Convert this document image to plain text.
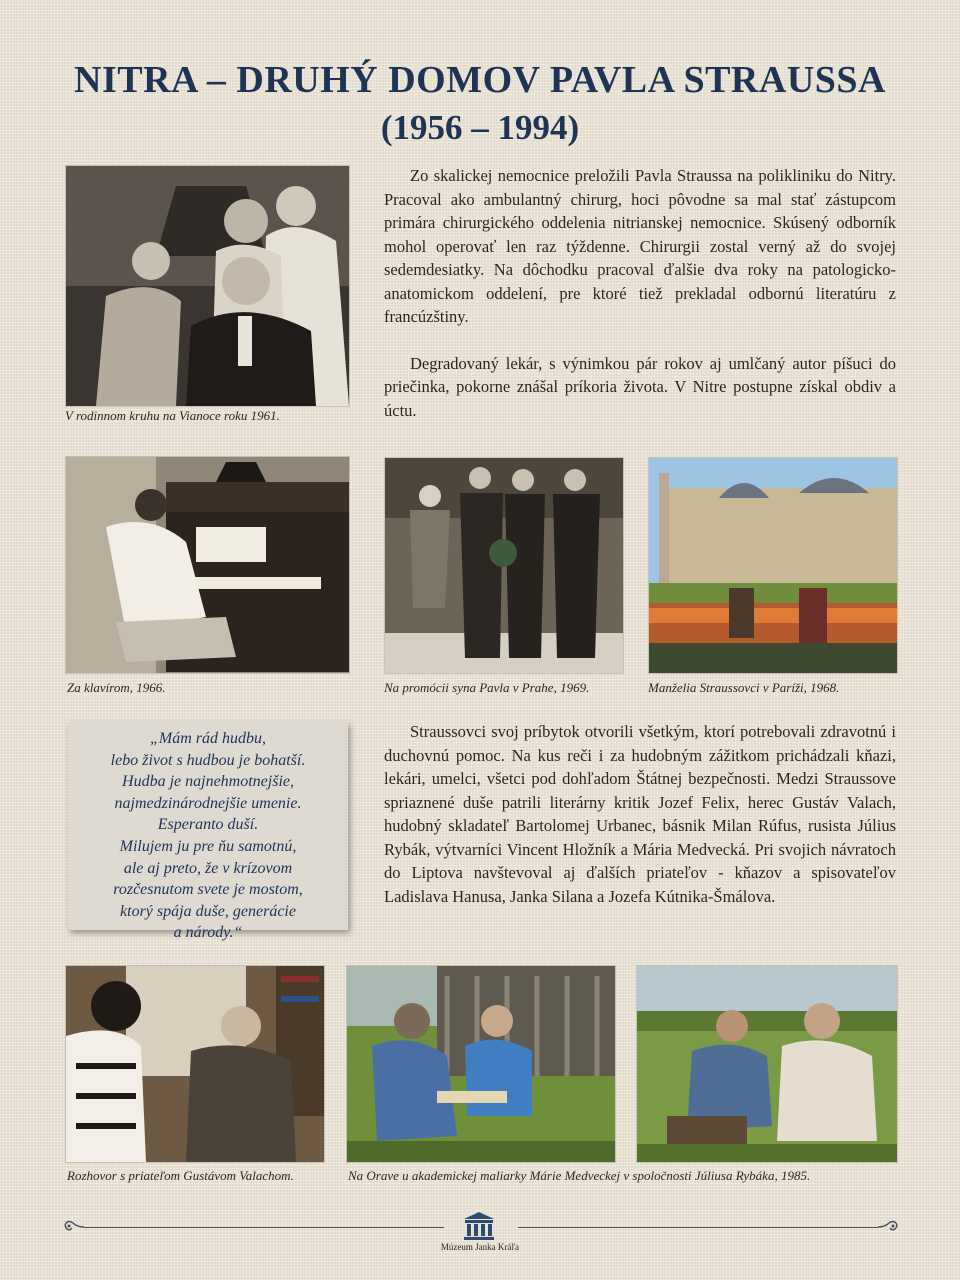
NITRA – DRUHÝ DOMOV PAVLA STRAUSSA
(1956 – 1994)
V rodinnom kruhu na Vianoce roku 1961.

Zo skalickej nemocnice preložili Pavla Straussa na polikliniku do Nitry. Pracoval ako ambulantný chirurg, hoci pôvodne sa mal stať zástupcom primára chirurgického oddelenia nitrianskej nemocnice. Skúsený odborník mohol operovať len raz týždenne. Chirurgii zostal verný až do svojej sedemdesiatky. Na dôchodku pracoval ďalšie dva roky na patologicko-anatomickom oddelení, pre ktoré tiež prekladal odbornú literatúru z francúzštiny.

Degradovaný lekár, s výnimkou pár rokov aj umlčaný autor píšuci do priečinka, pokorne znášal príkoria života. V Nitre postupne získal obdiv a úctu.

Za klavírom, 1966.	Na promócii syna Pavla v Prahe, 1969.	Manželia Straussovci v Paríži, 1968.
„Mám rád hudbu,
lebo život s hudbou je bohatší.
Hudba je najnehmotnejšie,
najmedzinárodnejšie umenie.
Esperanto duší.
Milujem ju pre ňu samotnú,
ale aj preto, že v krízovom
rozčesnutom svete je mostom,
ktorý spája duše, generácie
a národy.“

Straussovci svoj príbytok otvorili všetkým, ktorí potrebovali zdravotnú i duchovnú pomoc. Na kus reči i za hudobným zážitkom prichádzali kňazi, lekári, umelci, všetci pod dohľadom Štátnej bezpečnosti. Medzi Straussove spriaznené duše patrili literárny kritik Jozef Felix, herec Gustáv Valach, hudobný skladateľ Bartolomej Urbanec, básnik Milan Rúfus, rusista Július Rybák, výtvarníci Vincent Hložník a Mária Medvecká. Pri svojich návratoch do Liptova navštevoval aj ďalších priateľov - kňazov a spisovateľov Ladislava Hanusa, Janka Silana a Jozefa Kútnika-Šmálova.

Rozhovor s priateľom Gustávom Valachom.	Na Orave u akademickej maliarky Márie Medveckej v spoločnosti Júliusa Rybáka, 1985.
Múzeum Janka Kráľa
